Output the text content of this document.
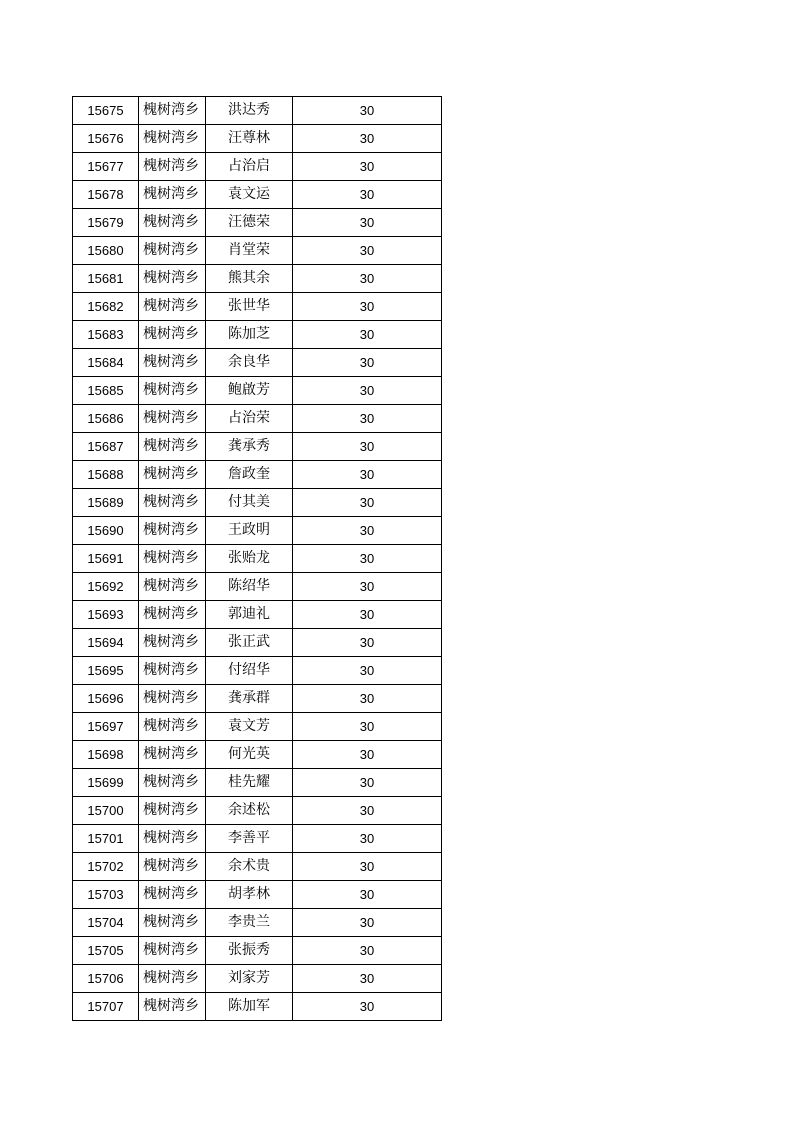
15675	槐树湾乡	洪达秀	30
15676	槐树湾乡	汪尊林	30
15677	槐树湾乡	占治启	30
15678	槐树湾乡	袁文运	30
15679	槐树湾乡	汪德荣	30
15680	槐树湾乡	肖堂荣	30
15681	槐树湾乡	熊其余	30
15682	槐树湾乡	张世华	30
15683	槐树湾乡	陈加芝	30
15684	槐树湾乡	余良华	30
15685	槐树湾乡	鲍啟芳	30
15686	槐树湾乡	占治荣	30
15687	槐树湾乡	龚承秀	30
15688	槐树湾乡	詹政奎	30
15689	槐树湾乡	付其美	30
15690	槐树湾乡	王政明	30
15691	槐树湾乡	张贻龙	30
15692	槐树湾乡	陈绍华	30
15693	槐树湾乡	郭迪礼	30
15694	槐树湾乡	张正武	30
15695	槐树湾乡	付绍华	30
15696	槐树湾乡	龚承群	30
15697	槐树湾乡	袁文芳	30
15698	槐树湾乡	何光英	30
15699	槐树湾乡	桂先耀	30
15700	槐树湾乡	余述松	30
15701	槐树湾乡	李善平	30
15702	槐树湾乡	余术贵	30
15703	槐树湾乡	胡孝林	30
15704	槐树湾乡	李贵兰	30
15705	槐树湾乡	张振秀	30
15706	槐树湾乡	刘家芳	30
15707	槐树湾乡	陈加军	30
